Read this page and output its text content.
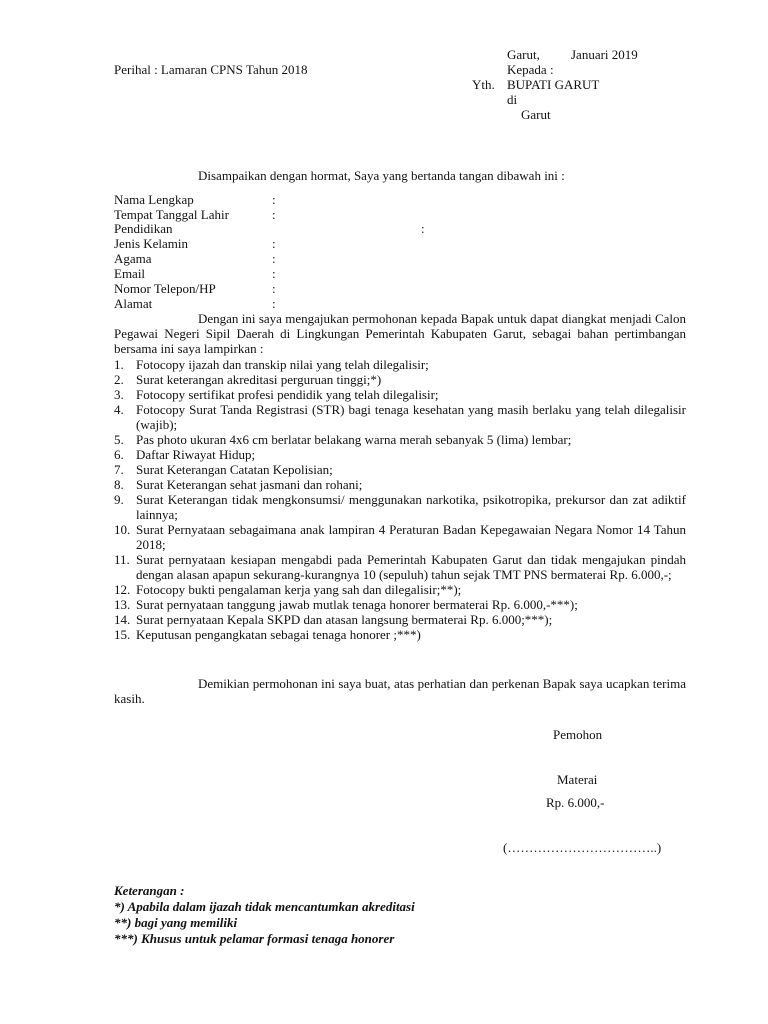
Garut, Januari 2019
Perihal : Lamaran CPNS Tahun 2018	Kepada :
Yth. BUPATI GARUT
di
Garut
Disampaikan dengan hormat, Saya yang bertanda tangan dibawah ini :
Nama Lengkap	:
Tempat Tanggal Lahir	:
Pendidikan	:
Jenis Kelamin	:
Agama	:
Email	:
Nomor Telepon/HP	:
Alamat	:
Dengan ini saya mengajukan permohonan kepada Bapak untuk dapat diangkat menjadi Calon Pegawai Negeri Sipil Daerah di Lingkungan Pemerintah Kabupaten Garut, sebagai bahan pertimbangan bersama ini saya lampirkan :
1. Fotocopy ijazah dan transkip nilai yang telah dilegalisir;
2. Surat keterangan akreditasi perguruan tinggi;*)
3. Fotocopy sertifikat profesi pendidik yang telah dilegalisir;
4. Fotocopy Surat Tanda Registrasi (STR) bagi tenaga kesehatan yang masih berlaku yang telah dilegalisir (wajib);
5. Pas photo ukuran 4x6 cm berlatar belakang warna merah sebanyak 5 (lima) lembar;
6. Daftar Riwayat Hidup;
7. Surat Keterangan Catatan Kepolisian;
8. Surat Keterangan sehat jasmani dan rohani;
9. Surat Keterangan tidak mengkonsumsi/ menggunakan narkotika, psikotropika, prekursor dan zat adiktif lainnya;
10. Surat Pernyataan sebagaimana anak lampiran 4 Peraturan Badan Kepegawaian Negara Nomor 14 Tahun 2018;
11. Surat pernyataan kesiapan mengabdi pada Pemerintah Kabupaten Garut dan tidak mengajukan pindah dengan alasan apapun sekurang-kurangnya 10 (sepuluh) tahun sejak TMT PNS bermaterai Rp. 6.000,-;
12. Fotocopy bukti pengalaman kerja yang sah dan dilegalisir;**);
13. Surat pernyataan tanggung jawab mutlak tenaga honorer bermaterai Rp. 6.000,-***);
14. Surat pernyataan Kepala SKPD dan atasan langsung bermaterai Rp. 6.000;***);
15. Keputusan pengangkatan sebagai tenaga honorer ;***)
Demikian permohonan ini saya buat, atas perhatian dan perkenan Bapak saya ucapkan terima kasih.
Pemohon
Materai
Rp. 6.000,-
(……………………………..)
Keterangan :
*) Apabila dalam ijazah tidak mencantumkan akreditasi
**) bagi yang memiliki
***) Khusus untuk pelamar formasi tenaga honorer
